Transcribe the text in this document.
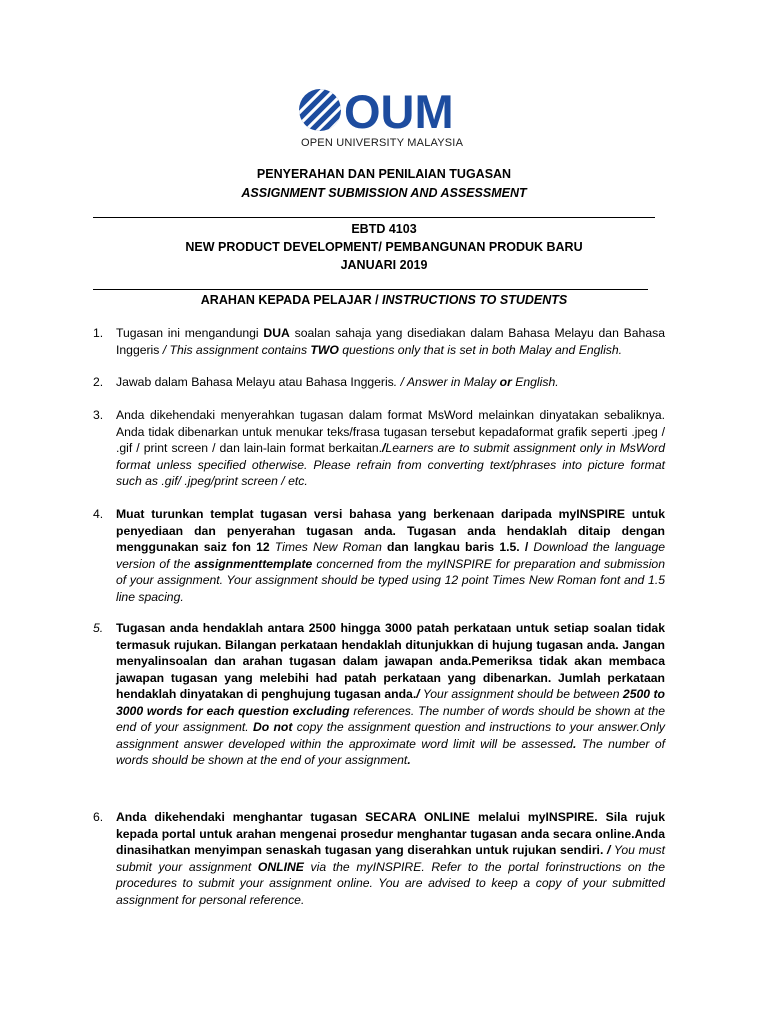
OUM
OPEN UNIVERSITY MALAYSIA
PENYERAHAN DAN PENILAIAN TUGASAN
ASSIGNMENT SUBMISSION AND ASSESSMENT
EBTD 4103
NEW PRODUCT DEVELOPMENT/ PEMBANGUNAN PRODUK BARU
JANUARI 2019
ARAHAN KEPADA PELAJAR / INSTRUCTIONS TO STUDENTS
1. Tugasan ini mengandungi DUA soalan sahaja yang disediakan dalam Bahasa Melayu dan Bahasa Inggeris / This assignment contains TWO questions only that is set in both Malay and English.
2. Jawab dalam Bahasa Melayu atau Bahasa Inggeris. / Answer in Malay or English.
3. Anda dikehendaki menyerahkan tugasan dalam format MsWord melainkan dinyatakan sebaliknya. Anda tidak dibenarkan untuk menukar teks/frasa tugasan tersebut kepadaformat grafik seperti .jpeg / .gif / print screen / dan lain-lain format berkaitan./Learners are to submit assignment only in MsWord format unless specified otherwise. Please refrain from converting text/phrases into picture format such as .gif/ .jpeg/print screen / etc.
4. Muat turunkan templat tugasan versi bahasa yang berkenaan daripada myINSPIRE untuk penyediaan dan penyerahan tugasan anda. Tugasan anda hendaklah ditaip dengan menggunakan saiz fon 12 Times New Roman dan langkau baris 1.5. / Download the language version of the assignmenttemplate concerned from the myINSPIRE for preparation and submission of your assignment. Your assignment should be typed using 12 point Times New Roman font and 1.5 line spacing.
5. Tugasan anda hendaklah antara 2500 hingga 3000 patah perkataan untuk setiap soalan tidak termasuk rujukan. Bilangan perkataan hendaklah ditunjukkan di hujung tugasan anda. Jangan menyalinsoalan dan arahan tugasan dalam jawapan anda.Pemeriksa tidak akan membaca jawapan tugasan yang melebihi had patah perkataan yang dibenarkan. Jumlah perkataan hendaklah dinyatakan di penghujung tugasan anda./ Your assignment should be between 2500 to 3000 words for each question excluding references. The number of words should be shown at the end of your assignment. Do not copy the assignment question and instructions to your answer.Only assignment answer developed within the approximate word limit will be assessed. The number of words should be shown at the end of your assignment.
6. Anda dikehendaki menghantar tugasan SECARA ONLINE melalui myINSPIRE. Sila rujuk kepada portal untuk arahan mengenai prosedur menghantar tugasan anda secara online.Anda dinasihatkan menyimpan senaskah tugasan yang diserahkan untuk rujukan sendiri. / You must submit your assignment ONLINE via the myINSPIRE. Refer to the portal forinstructions on the procedures to submit your assignment online. You are advised to keep a copy of your submitted assignment for personal reference.
